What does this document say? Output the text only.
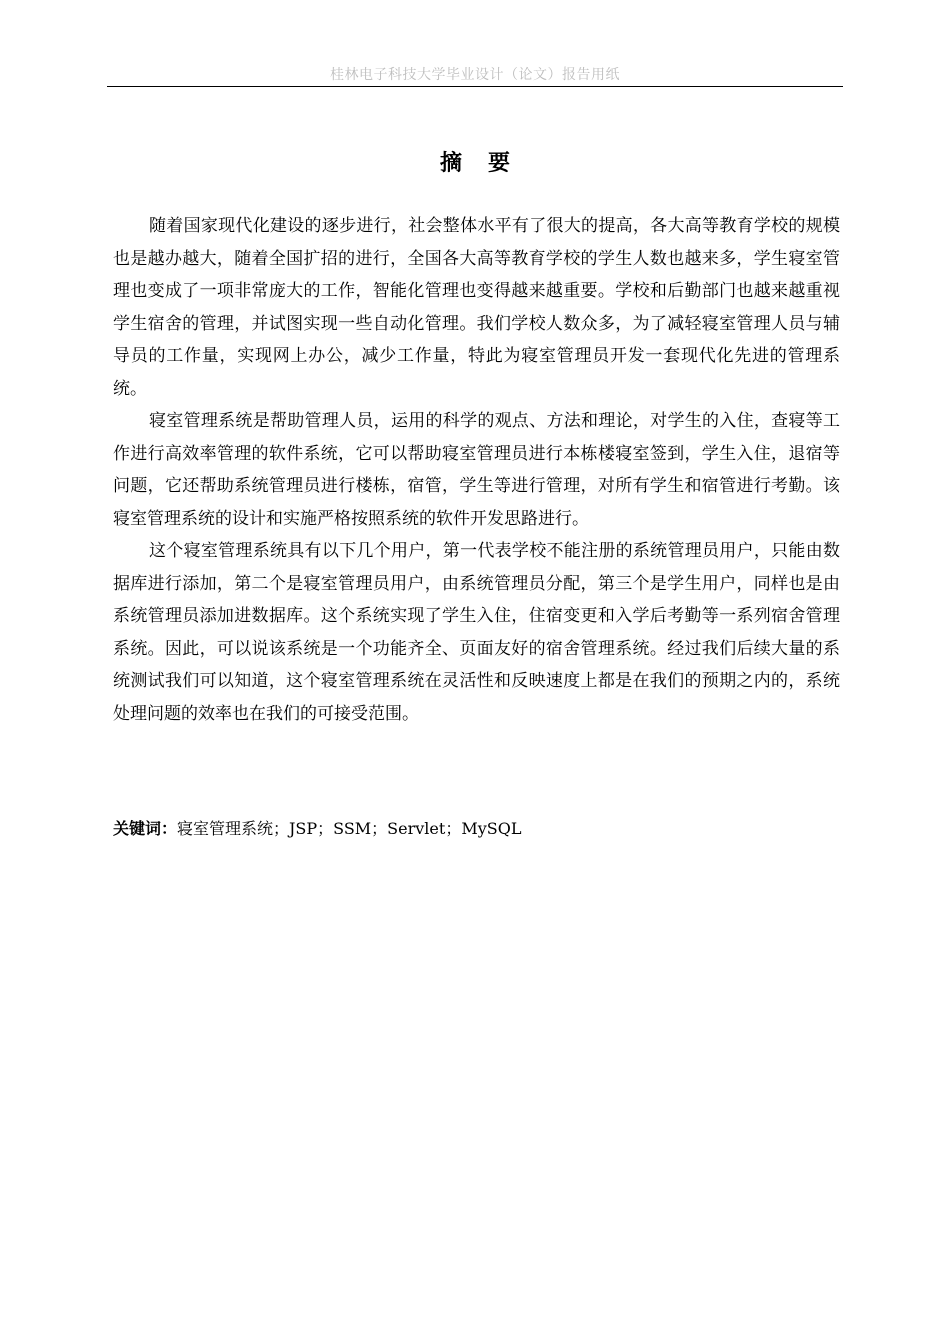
桂林电子科技大学毕业设计（论文）报告用纸
摘要

随着国家现代化建设的逐步进行，社会整体水平有了很大的提高，各大高等教育学校的规模也是越办越大，随着全国扩招的进行，全国各大高等教育学校的学生人数也越来多，学生寝室管理也变成了一项非常庞大的工作，智能化管理也变得越来越重要。学校和后勤部门也越来越重视学生宿舍的管理，并试图实现一些自动化管理。我们学校人数众多，为了减轻寝室管理人员与辅导员的工作量，实现网上办公，减少工作量，特此为寝室管理员开发一套现代化先进的管理系统。

寝室管理系统是帮助管理人员，运用的科学的观点、方法和理论，对学生的入住，查寝等工作进行高效率管理的软件系统，它可以帮助寝室管理员进行本栋楼寝室签到，学生入住，退宿等问题，它还帮助系统管理员进行楼栋，宿管，学生等进行管理，对所有学生和宿管进行考勤。该寝室管理系统的设计和实施严格按照系统的软件开发思路进行。

这个寝室管理系统具有以下几个用户，第一代表学校不能注册的系统管理员用户，只能由数据库进行添加，第二个是寝室管理员用户，由系统管理员分配，第三个是学生用户，同样也是由系统管理员添加进数据库。这个系统实现了学生入住，住宿变更和入学后考勤等一系列宿舍管理系统。因此，可以说该系统是一个功能齐全、页面友好的宿舍管理系统。经过我们后续大量的系统测试我们可以知道，这个寝室管理系统在灵活性和反映速度上都是在我们的预期之内的，系统处理问题的效率也在我们的可接受范围。

关键词：寝室管理系统；JSP；SSM；Servlet；MySQL
